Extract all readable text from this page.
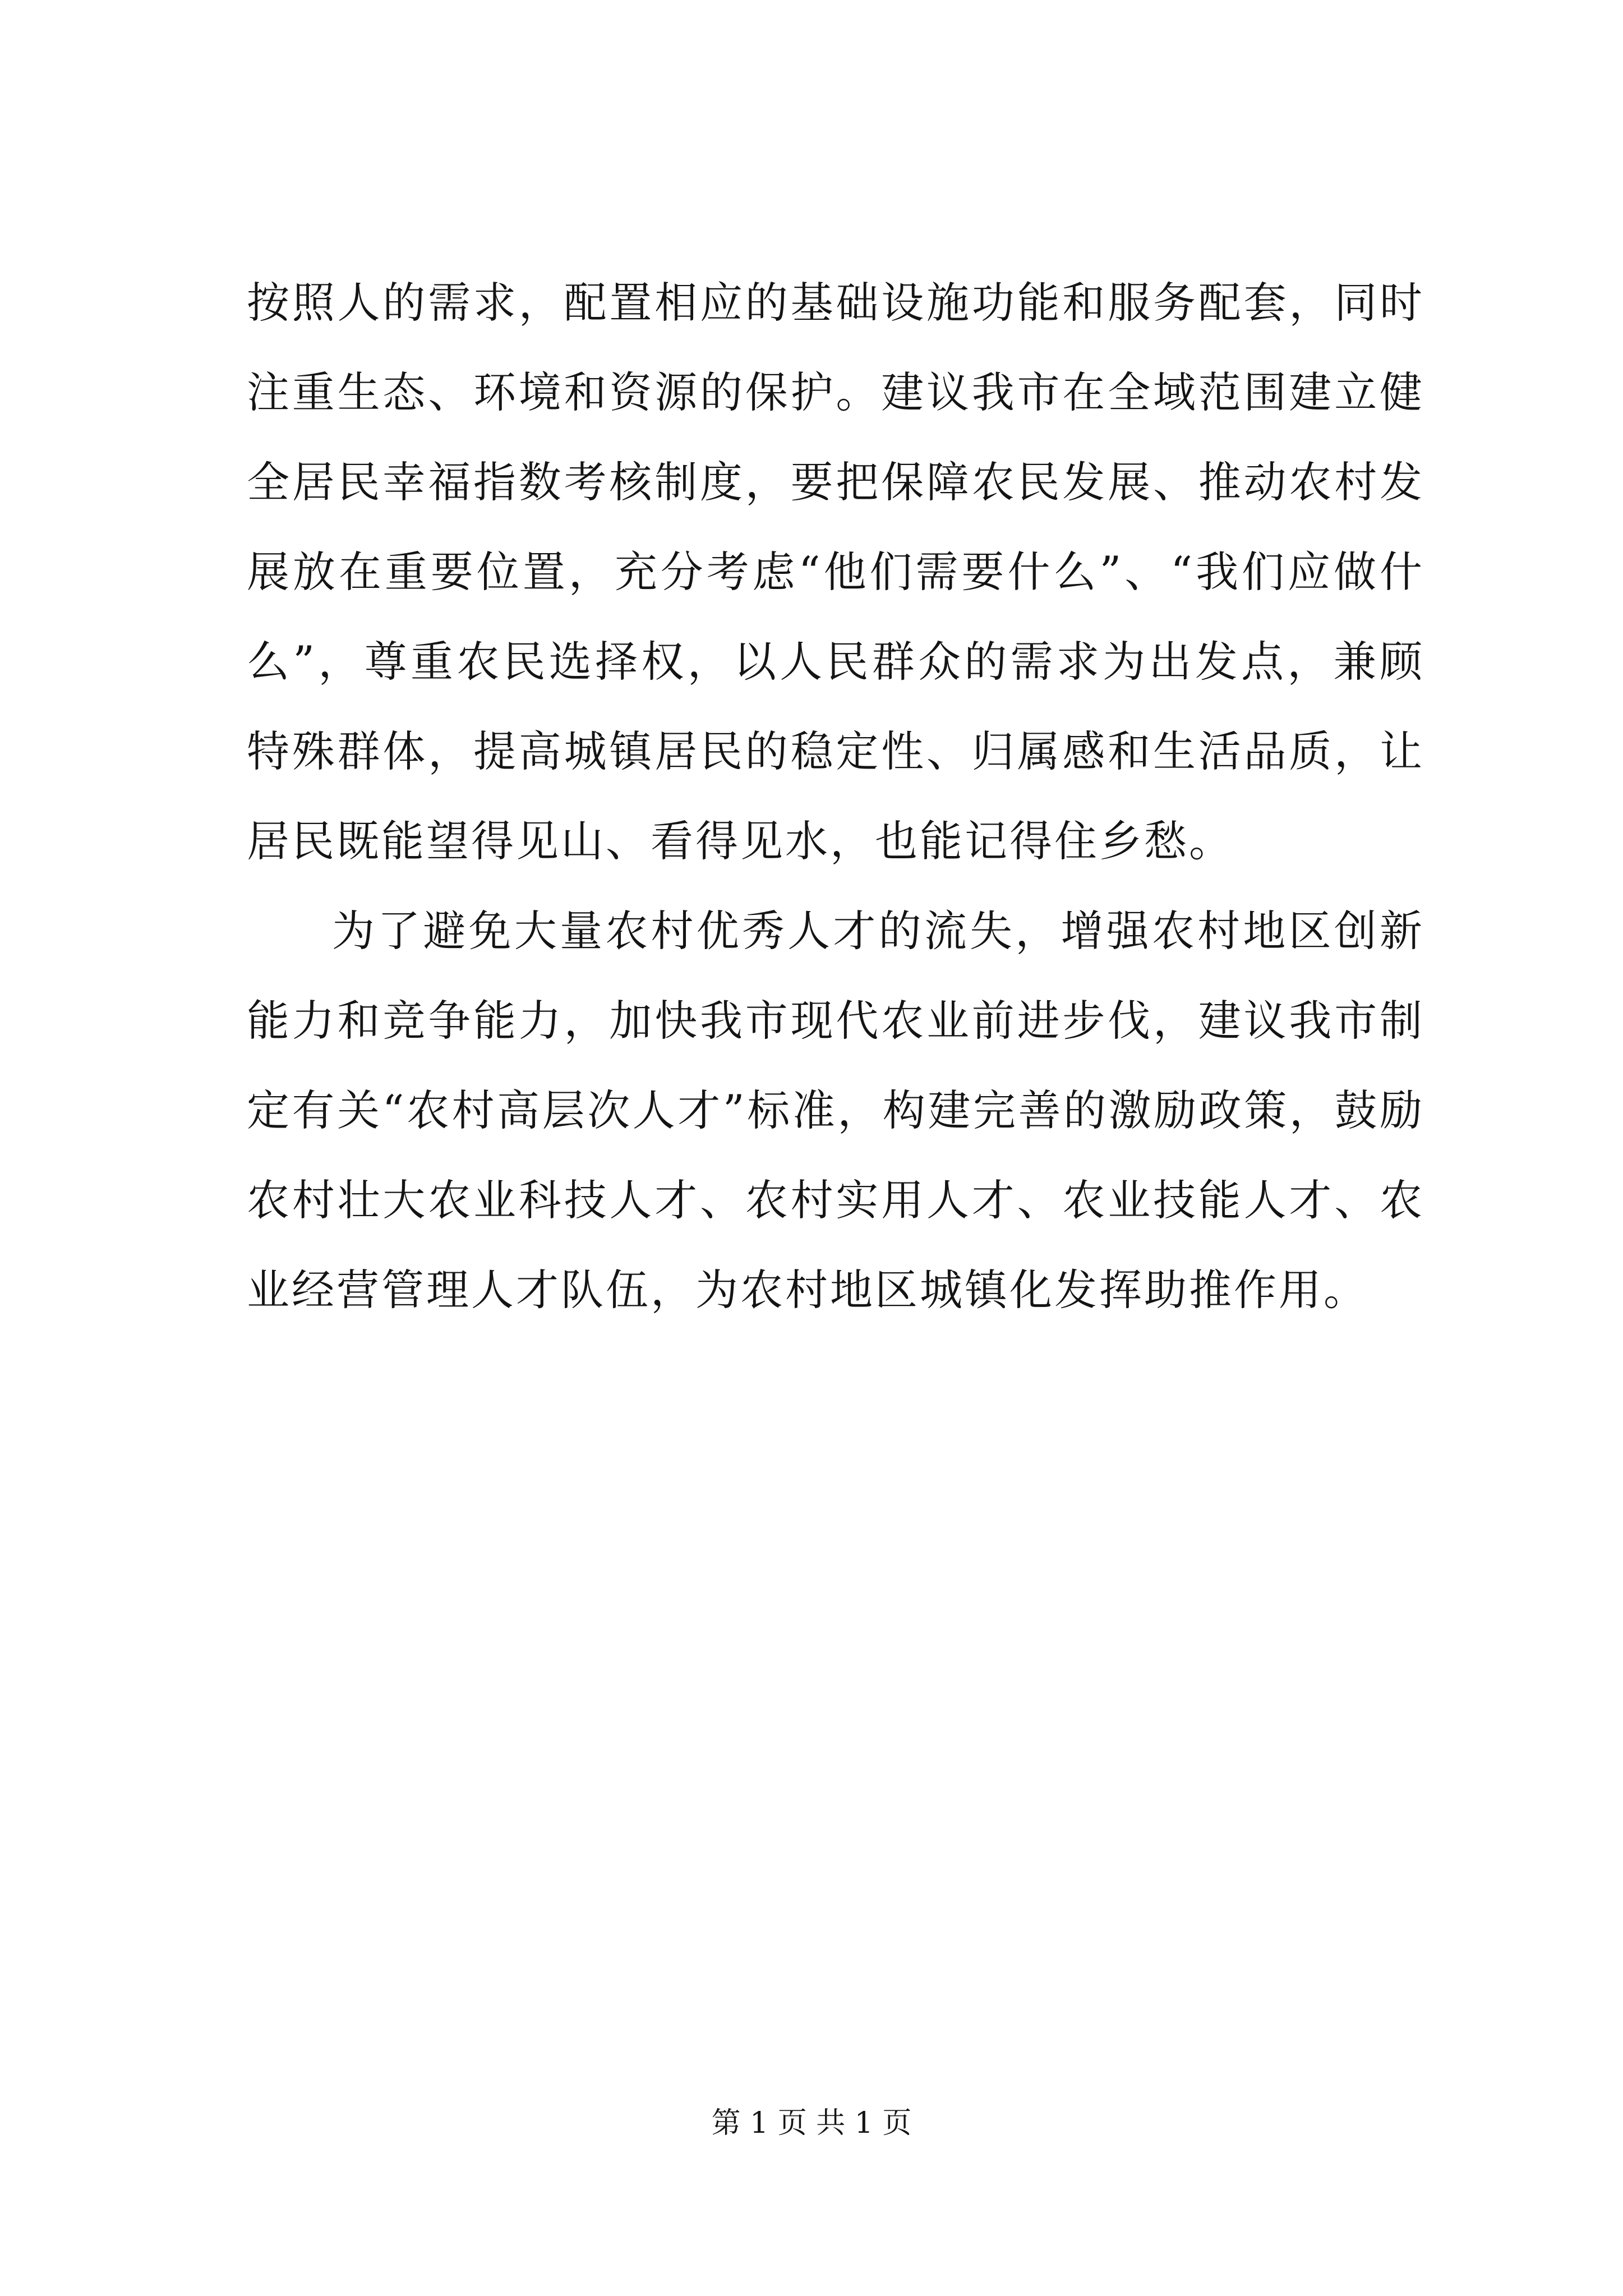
按照人的需求，配置相应的基础设施功能和服务配套，同时注重生态、环境和资源的保护。建议我市在全域范围建立健全居民幸福指数考核制度，要把保障农民发展、推动农村发展放在重要位置，充分考虑“他们需要什么”、“我们应做什么”，尊重农民选择权，以人民群众的需求为出发点，兼顾特殊群体，提高城镇居民的稳定性、归属感和生活品质，让居民既能望得见山、看得见水，也能记得住乡愁。

为了避免大量农村优秀人才的流失，增强农村地区创新能力和竞争能力，加快我市现代农业前进步伐，建议我市制定有关“农村高层次人才”标准，构建完善的激励政策，鼓励农村壮大农业科技人才、农村实用人才、农业技能人才、农业经营管理人才队伍，为农村地区城镇化发挥助推作用。

第 1 页 共 1 页
